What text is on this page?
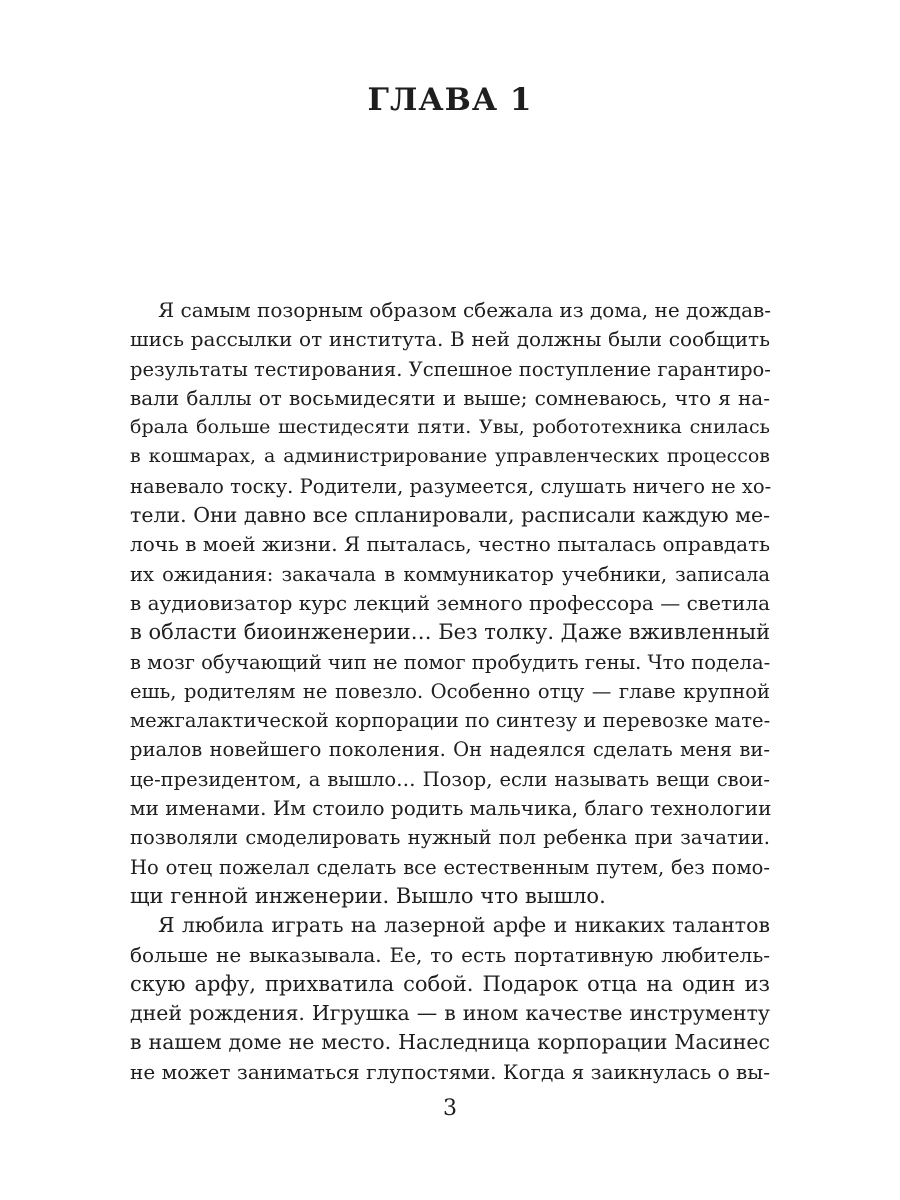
ГЛАВА 1
Я самым позорным образом сбежала из дома, не дождав-
шись рассылки от института. В ней должны были сообщить
результаты тестирования. Успешное поступление гарантиро-
вали баллы от восьмидесяти и выше; сомневаюсь, что я на-
брала больше шестидесяти пяти. Увы, робототехника снилась
в кошмарах, а администрирование управленческих процессов
навевало тоску. Родители, разумеется, слушать ничего не хо-
тели. Они давно все спланировали, расписали каждую ме-
лочь в моей жизни. Я пыталась, честно пыталась оправдать
их ожидания: закачала в коммуникатор учебники, записала
в аудиовизатор курс лекций земного профессора — светила
в области биоинженерии… Без толку. Даже вживленный
в мозг обучающий чип не помог пробудить гены. Что подела-
ешь, родителям не повезло. Особенно отцу — главе крупной
межгалактической корпорации по синтезу и перевозке мате-
риалов новейшего поколения. Он надеялся сделать меня ви-
це-президентом, а вышло… Позор, если называть вещи свои-
ми именами. Им стоило родить мальчика, благо технологии
позволяли смоделировать нужный пол ребенка при зачатии.
Но отец пожелал сделать все естественным путем, без помо-
щи генной инженерии. Вышло что вышло.
Я любила играть на лазерной арфе и никаких талантов
больше не выказывала. Ее, то есть портативную любитель-
скую арфу, прихватила собой. Подарок отца на один из
дней рождения. Игрушка — в ином качестве инструменту
в нашем доме не место. Наследница корпорации Масинес
не может заниматься глупостями. Когда я заикнулась о вы-
3
